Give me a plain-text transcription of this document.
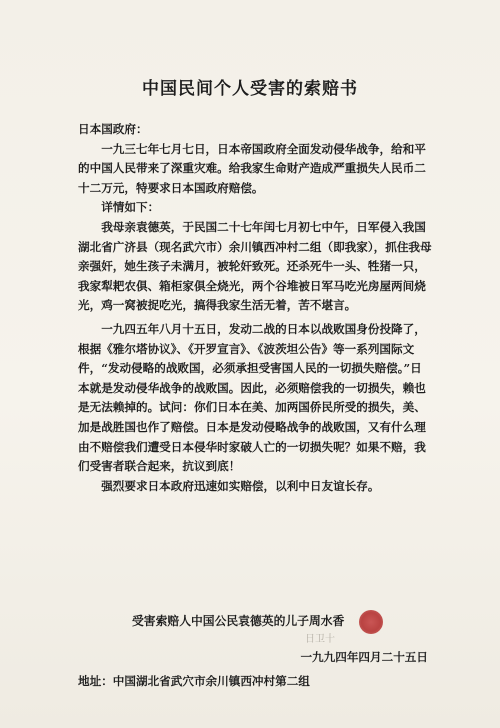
中国民间个人受害的索赔书

日本国政府：

一九三七年七月七日，日本帝国政府全面发动侵华战争，给和平的中国人民带来了深重灾难。给我家生命财产造成严重损失人民币二十二万元，特要求日本国政府赔偿。

详情如下：

我母亲袁德英，于民国二十七年闰七月初七中午，日军侵入我国湖北省广济县（现名武穴市）余川镇西冲村二组（即我家），抓住我母亲强奸，她生孩子未满月，被轮奸致死。还杀死牛一头、牲猪一只，我家犁耙农俱、箱柜家俱全烧光，两个谷堆被日军马吃光房屋两间烧光，鸡一窝被捉吃光，搞得我家生活无着，苦不堪言。

一九四五年八月十五日，发动二战的日本以战败国身份投降了，根据《雅尔塔协议》、《开罗宣言》、《波茨坦公告》等一系列国际文件，“发动侵略的战败国，必须承担受害国人民的一切损失赔偿。”日本就是发动侵华战争的战败国。因此，必须赔偿我的一切损失，赖也是无法赖掉的。试问：你们日本在美、加两国侨民所受的损失，美、加是战胜国也作了赔偿。日本是发动侵略战争的战败国，又有什么理由不赔偿我们遭受日本侵华时家破人亡的一切损失呢？如果不赔，我们受害者联合起来，抗议到底！

强烈要求日本政府迅速如实赔偿，以利中日友谊长存。

日卫十
受害索赔人中国公民袁德英的儿子周水香
一九九四年四月二十五日
地址：中国湖北省武穴市余川镇西冲村第二组
